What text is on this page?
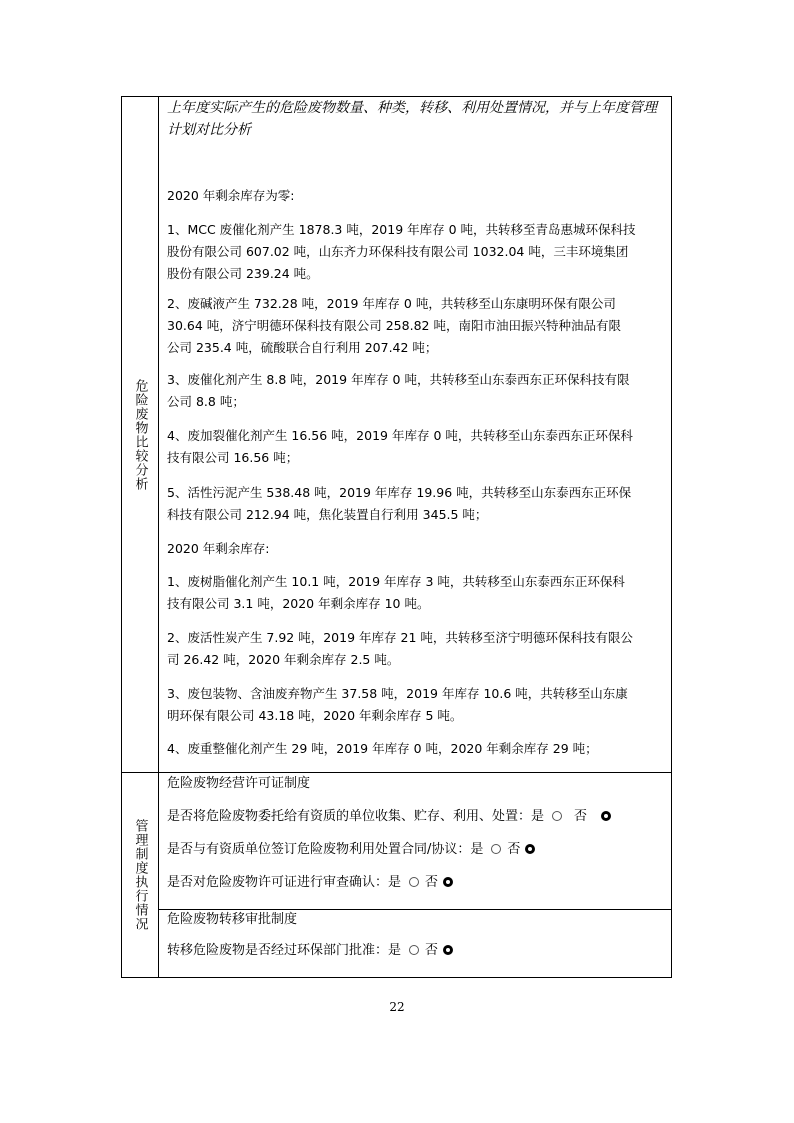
危险废物比较分析

上年度实际产生的危险废物数量、种类，转移、利用处置情况，并与上年度管理

计划对比分析

2020 年剩余库存为零:

1、MCC 废催化剂产生 1878.3 吨，2019 年库存 0 吨，共转移至青岛惠城环保科技

股份有限公司 607.02 吨，山东齐力环保科技有限公司 1032.04 吨，三丰环境集团

股份有限公司 239.24 吨。

2、废碱液产生 732.28 吨，2019 年库存 0 吨，共转移至山东康明环保有限公司

30.64 吨，济宁明德环保科技有限公司 258.82 吨，南阳市油田振兴特种油品有限

公司 235.4 吨，硫酸联合自行利用 207.42 吨；

3、废催化剂产生 8.8 吨，2019 年库存 0 吨，共转移至山东泰西东正环保科技有限

公司 8.8 吨；

4、废加裂催化剂产生 16.56 吨，2019 年库存 0 吨，共转移至山东泰西东正环保科

技有限公司 16.56 吨；

5、活性污泥产生 538.48 吨，2019 年库存 19.96 吨，共转移至山东泰西东正环保

科技有限公司 212.94 吨，焦化装置自行利用 345.5 吨；

2020 年剩余库存:

1、废树脂催化剂产生 10.1 吨，2019 年库存 3 吨，共转移至山东泰西东正环保科

技有限公司 3.1 吨，2020 年剩余库存 10 吨。

2、废活性炭产生 7.92 吨，2019 年库存 21 吨，共转移至济宁明德环保科技有限公

司 26.42 吨，2020 年剩余库存 2.5 吨。

3、废包装物、含油废弃物产生 37.58 吨，2019 年库存 10.6 吨，共转移至山东康

明环保有限公司 43.18 吨，2020 年剩余库存 5 吨。

4、废重整催化剂产生 29 吨，2019 年库存 0 吨，2020 年剩余库存 29 吨；

管理制度执行情况

危险废物经营许可证制度

是否将危险废物委托给有资质的单位收集、贮存、利用、处置：是 否

是否与有资质单位签订危险废物利用处置合同/协议：是 否

是否对危险废物许可证进行审查确认：是 否

危险废物转移审批制度

转移危险废物是否经过环保部门批准：是 否

22
